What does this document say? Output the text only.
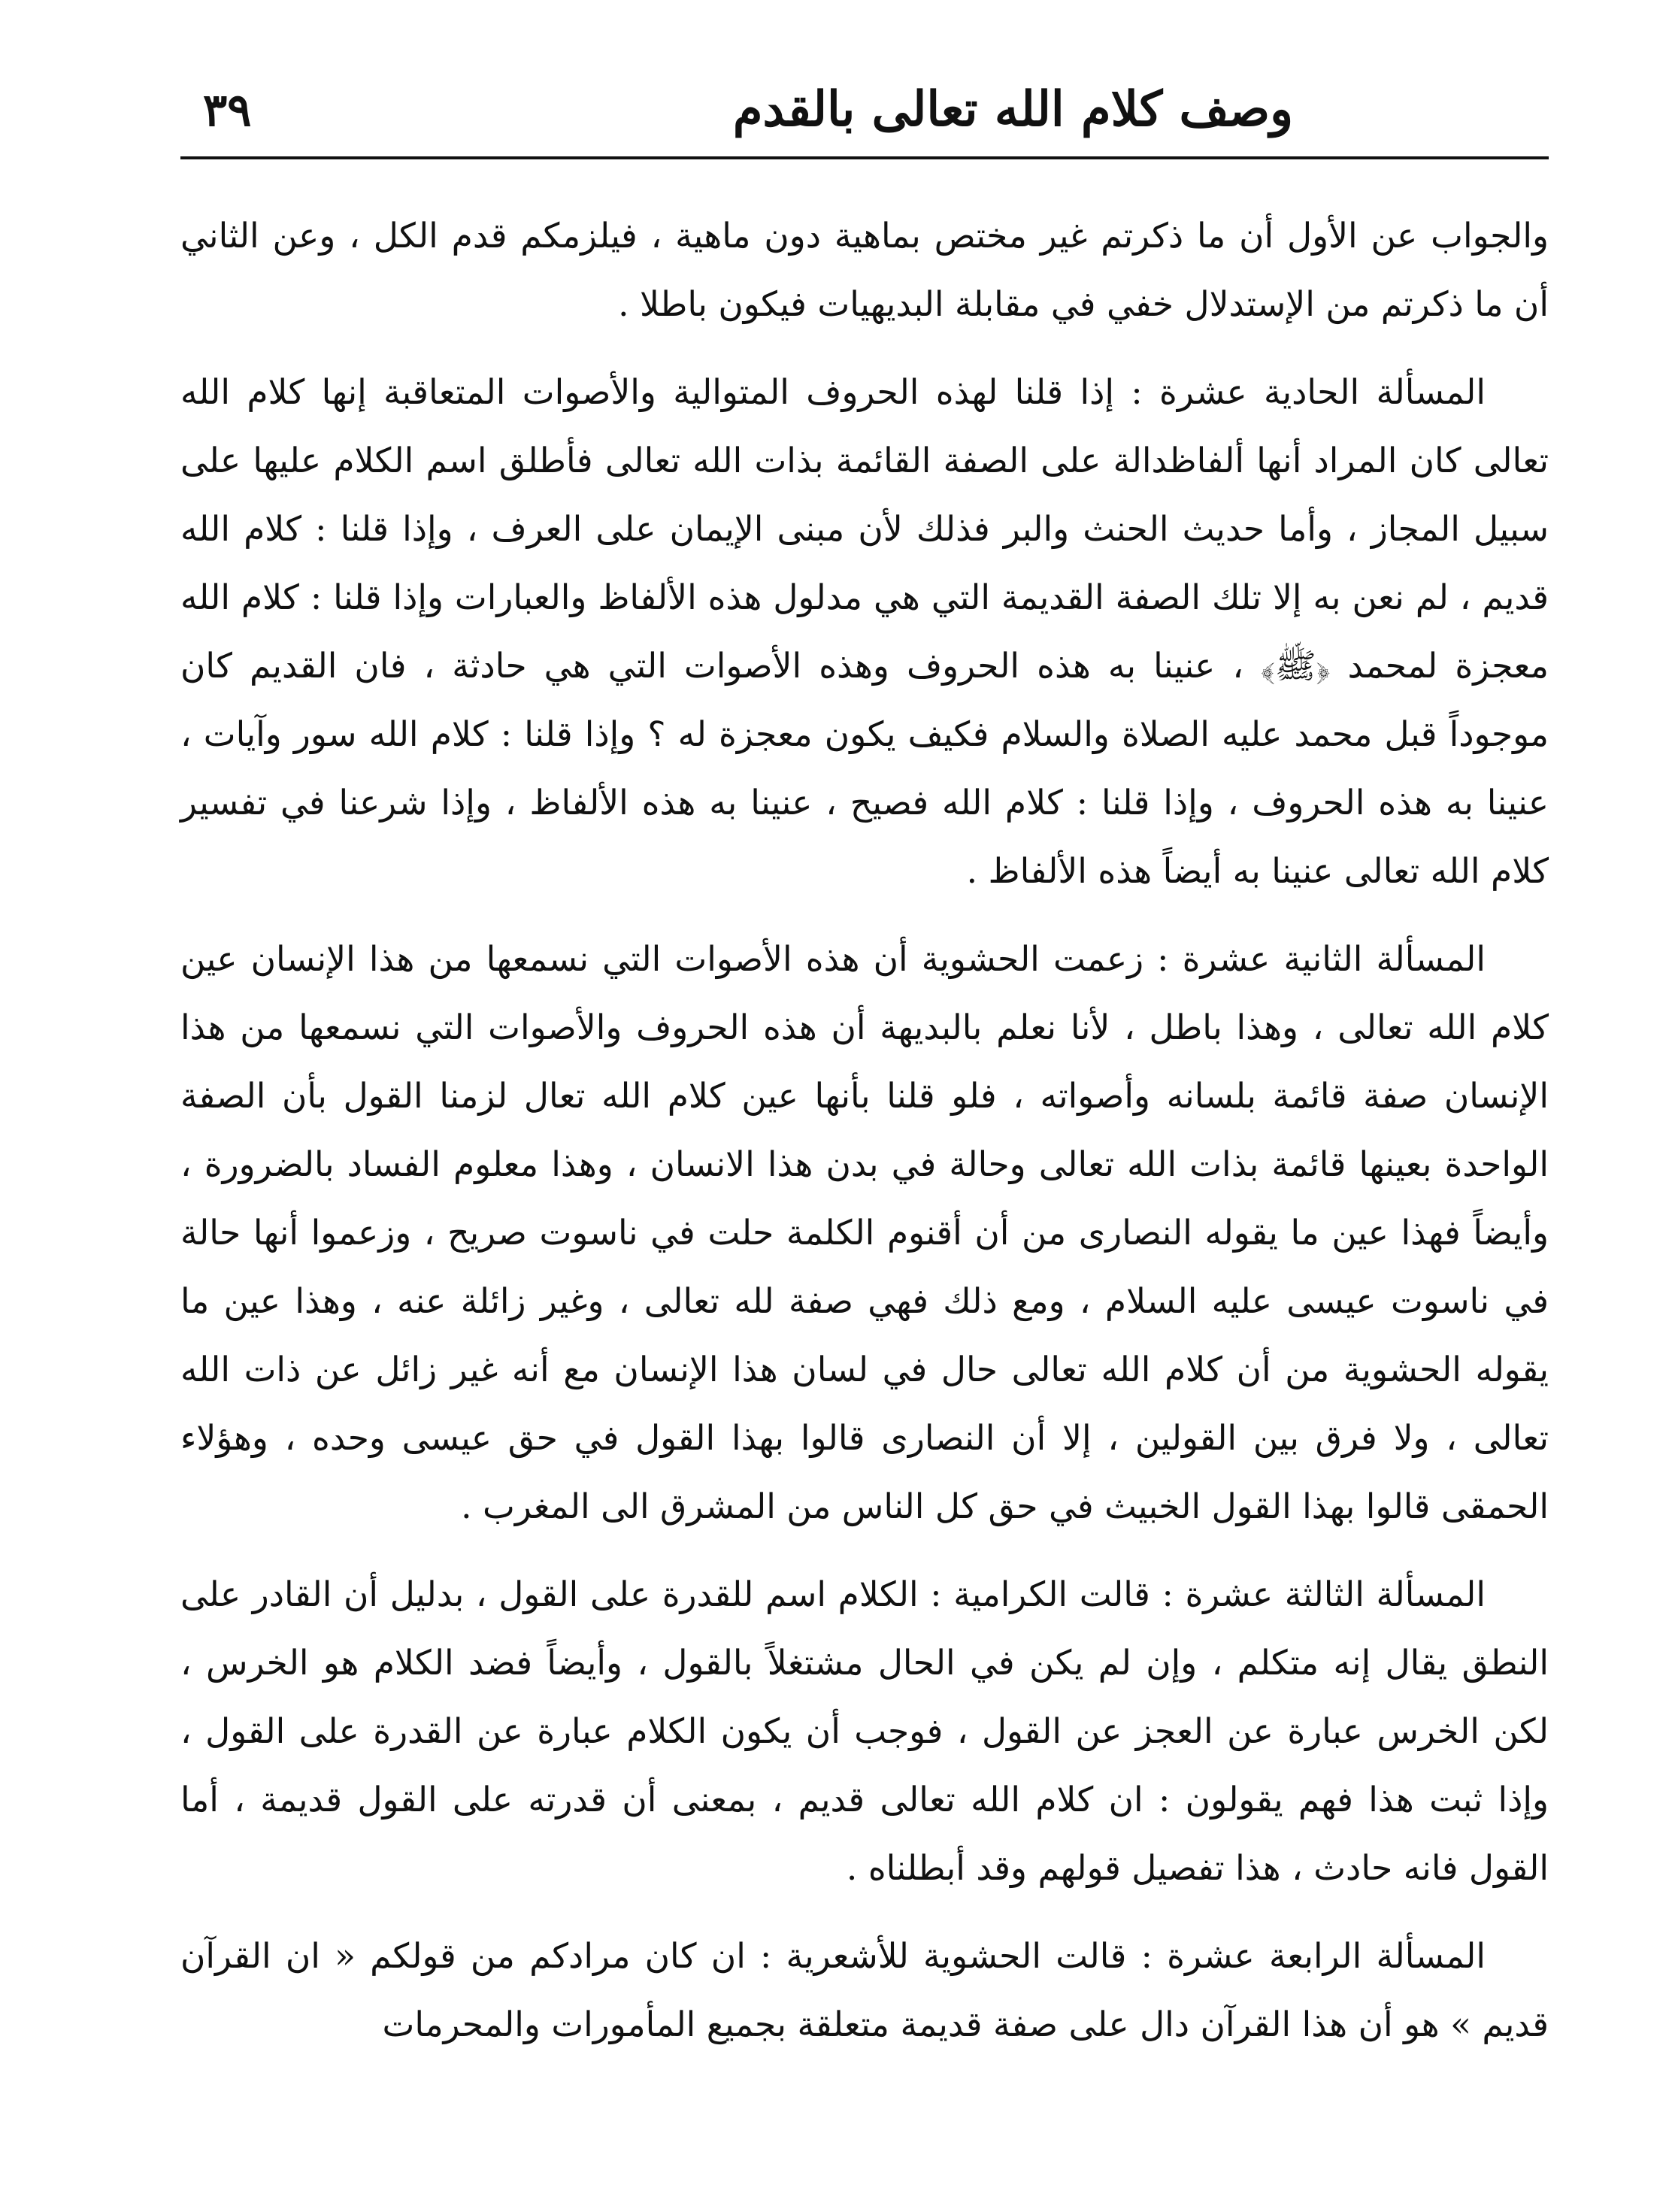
وصف كلام الله تعالى بالقدم
٣٩

والجواب عن الأول أن ما ذكرتم غير مختص بماهية دون ماهية ، فيلزمكم قدم الكل ، وعن الثاني أن ما ذكرتم من الإستدلال خفي في مقابلة البديهيات فيكون باطلا .

المسألة الحادية عشرة : إذا قلنا لهذه الحروف المتوالية والأصوات المتعاقبة إنها كلام الله تعالى كان المراد أنها ألفاظدالة على الصفة القائمة بذات الله تعالى فأطلق اسم الكلام عليها على سبيل المجاز ، وأما حديث الحنث والبر فذلك لأن مبنى الإيمان على العرف ، وإذا قلنا : كلام الله قديم ، لم نعن به إلا تلك الصفة القديمة التي هي مدلول هذه الألفاظ والعبارات وإذا قلنا : كلام الله معجزة لمحمد ﴿ﷺ﴾ ، عنينا به هذه الحروف وهذه الأصوات التي هي حادثة ، فان القديم كان موجوداً قبل محمد عليه الصلاة والسلام فكيف يكون معجزة له ؟ وإذا قلنا : كلام الله سور وآيات ، عنينا به هذه الحروف ، وإذا قلنا : كلام الله فصيح ، عنينا به هذه الألفاظ ، وإذا شرعنا في تفسير كلام الله تعالى عنينا به أيضاً هذه الألفاظ .

المسألة الثانية عشرة : زعمت الحشوية أن هذه الأصوات التي نسمعها من هذا الإنسان عين كلام الله تعالى ، وهذا باطل ، لأنا نعلم بالبديهة أن هذه الحروف والأصوات التي نسمعها من هذا الإنسان صفة قائمة بلسانه وأصواته ، فلو قلنا بأنها عين كلام الله تعال لزمنا القول بأن الصفة الواحدة بعينها قائمة بذات الله تعالى وحالة في بدن هذا الانسان ، وهذا معلوم الفساد بالضرورة ، وأيضاً فهذا عين ما يقوله النصارى من أن أقنوم الكلمة حلت في ناسوت صريح ، وزعموا أنها حالة في ناسوت عيسى عليه السلام ، ومع ذلك فهي صفة لله تعالى ، وغير زائلة عنه ، وهذا عين ما يقوله الحشوية من أن كلام الله تعالى حال في لسان هذا الإنسان مع أنه غير زائل عن ذات الله تعالى ، ولا فرق بين القولين ، إلا أن النصارى قالوا بهذا القول في حق عيسى وحده ، وهؤلاء الحمقى قالوا بهذا القول الخبيث في حق كل الناس من المشرق الى المغرب .

المسألة الثالثة عشرة : قالت الكرامية : الكلام اسم للقدرة على القول ، بدليل أن القادر على النطق يقال إنه متكلم ، وإن لم يكن في الحال مشتغلاً بالقول ، وأيضاً فضد الكلام هو الخرس ، لكن الخرس عبارة عن العجز عن القول ، فوجب أن يكون الكلام عبارة عن القدرة على القول ، وإذا ثبت هذا فهم يقولون : ان كلام الله تعالى قديم ، بمعنى أن قدرته على القول قديمة ، أما القول فانه حادث ، هذا تفصيل قولهم وقد أبطلناه .

المسألة الرابعة عشرة : قالت الحشوية للأشعرية : ان كان مرادكم من قولكم « ان القرآن قديم » هو أن هذا القرآن دال على صفة قديمة متعلقة بجميع المأمورات والمحرمات
